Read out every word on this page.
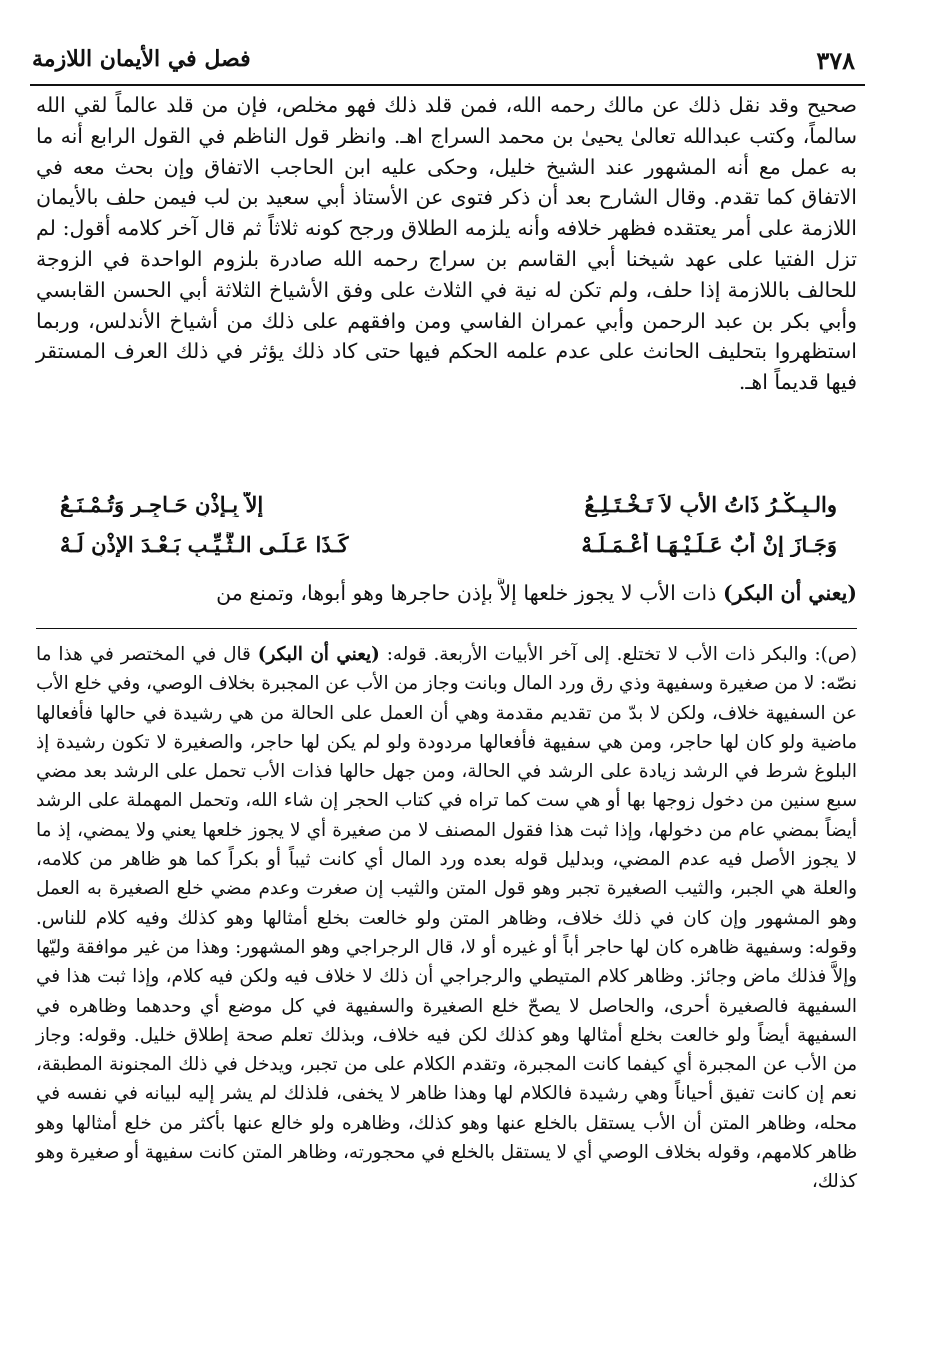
فصل في الأيمان اللازمة	٣٧٨

صحيح وقد نقل ذلك عن مالك رحمه الله، فمن قلد ذلك فهو مخلص، فإن من قلد عالماً لقي الله سالماً، وكتب عبدالله تعالىٰ يحيىٰ بن محمد السراج اهـ. وانظر قول الناظم في القول الرابع أنه ما به عمل مع أنه المشهور عند الشيخ خليل، وحكى عليه ابن الحاجب الاتفاق وإن بحث معه في الاتفاق كما تقدم. وقال الشارح بعد أن ذكر فتوى عن الأستاذ أبي سعيد بن لب فيمن حلف بالأيمان اللازمة على أمر يعتقده فظهر خلافه وأنه يلزمه الطلاق ورجح كونه ثلاثاً ثم قال آخر كلامه أقول: لم تزل الفتيا على عهد شيخنا أبي القاسم بن سراج رحمه الله صادرة بلزوم الواحدة في الزوجة للحالف باللازمة إذا حلف، ولم تكن له نية في الثلاث على وفق الأشياخ الثلاثة أبي الحسن القابسي وأبي بكر بن عبد الرحمن وأبي عمران الفاسي ومن وافقهم على ذلك من أشياخ الأندلس، وربما استظهروا بتحليف الحانث على عدم علمه الحكم فيها حتى كاد ذلك يؤثر في ذلك العرف المستقر فيها قديماً اهـ.

والـبِـكْـرُ ذَاتُ الأبِ لاَ تَـخْـتَـلِـعُ
إلاَّ بِـإذْنِ حَـاجِـرٍ وَتُـمْـنَـعُ
وَجَـازَ إنْ أبٌ عَـلَـيْـهَـا أعْـمَـلَـهْ
كَـذَا عَـلَـى الـثَّـيِّـبِ بَـعْـدَ الإذْنِ لَـهْ
(يعني أن البكر) ذات الأب لا يجوز خلعها إلاَّ بإذن حاجرها وهو أبوها، وتمنع من

(ص): والبكر ذات الأب لا تختلع. إلى آخر الأبيات الأربعة. قوله: (يعني أن البكر) قال في المختصر في هذا ما نصّه: لا من صغيرة وسفيهة وذي رق ورد المال وبانت وجاز من الأب عن المجبرة بخلاف الوصي، وفي خلع الأب عن السفيهة خلاف، ولكن لا بدّ من تقديم مقدمة وهي أن العمل على الحالة من هي رشيدة في حالها فأفعالها ماضية ولو كان لها حاجر، ومن هي سفيهة فأفعالها مردودة ولو لم يكن لها حاجر، والصغيرة لا تكون رشيدة إذ البلوغ شرط في الرشد زيادة على الرشد في الحالة، ومن جهل حالها فذات الأب تحمل على الرشد بعد مضي سبع سنين من دخول زوجها بها أو هي ست كما تراه في كتاب الحجر إن شاء الله، وتحمل المهملة على الرشد أيضاً بمضي عام من دخولها، وإذا ثبت هذا فقول المصنف لا من صغيرة أي لا يجوز خلعها يعني ولا يمضي، إذ ما لا يجوز الأصل فيه عدم المضي، وبدليل قوله بعده ورد المال أي كانت ثيباً أو بكراً كما هو ظاهر من كلامه، والعلة هي الجبر، والثيب الصغيرة تجبر وهو قول المتن والثيب إن صغرت وعدم مضي خلع الصغيرة به العمل وهو المشهور وإن كان في ذلك خلاف، وظاهر المتن ولو خالعت بخلع أمثالها وهو كذلك وفيه كلام للناس. وقوله: وسفيهة ظاهره كان لها حاجر أباً أو غيره أو لا، قال الرجراجي وهو المشهور: وهذا من غير موافقة وليّها وإلاَّ فذلك ماض وجائز. وظاهر كلام المتيطي والرجراجي أن ذلك لا خلاف فيه ولكن فيه كلام، وإذا ثبت هذا في السفيهة فالصغيرة أحرى، والحاصل لا يصحّ خلع الصغيرة والسفيهة في كل موضع أي وحدهما وظاهره في السفيهة أيضاً ولو خالعت بخلع أمثالها وهو كذلك لكن فيه خلاف، وبذلك تعلم صحة إطلاق خليل. وقوله: وجاز من الأب عن المجبرة أي كيفما كانت المجبرة، وتقدم الكلام على من تجبر، ويدخل في ذلك المجنونة المطبقة، نعم إن كانت تفيق أحياناً وهي رشيدة فالكلام لها وهذا ظاهر لا يخفى، فلذلك لم يشر إليه لبيانه في نفسه في محله، وظاهر المتن أن الأب يستقل بالخلع عنها وهو كذلك، وظاهره ولو خالع عنها بأكثر من خلع أمثالها وهو ظاهر كلامهم، وقوله بخلاف الوصي أي لا يستقل بالخلع في محجورته، وظاهر المتن كانت سفيهة أو صغيرة وهو كذلك،
